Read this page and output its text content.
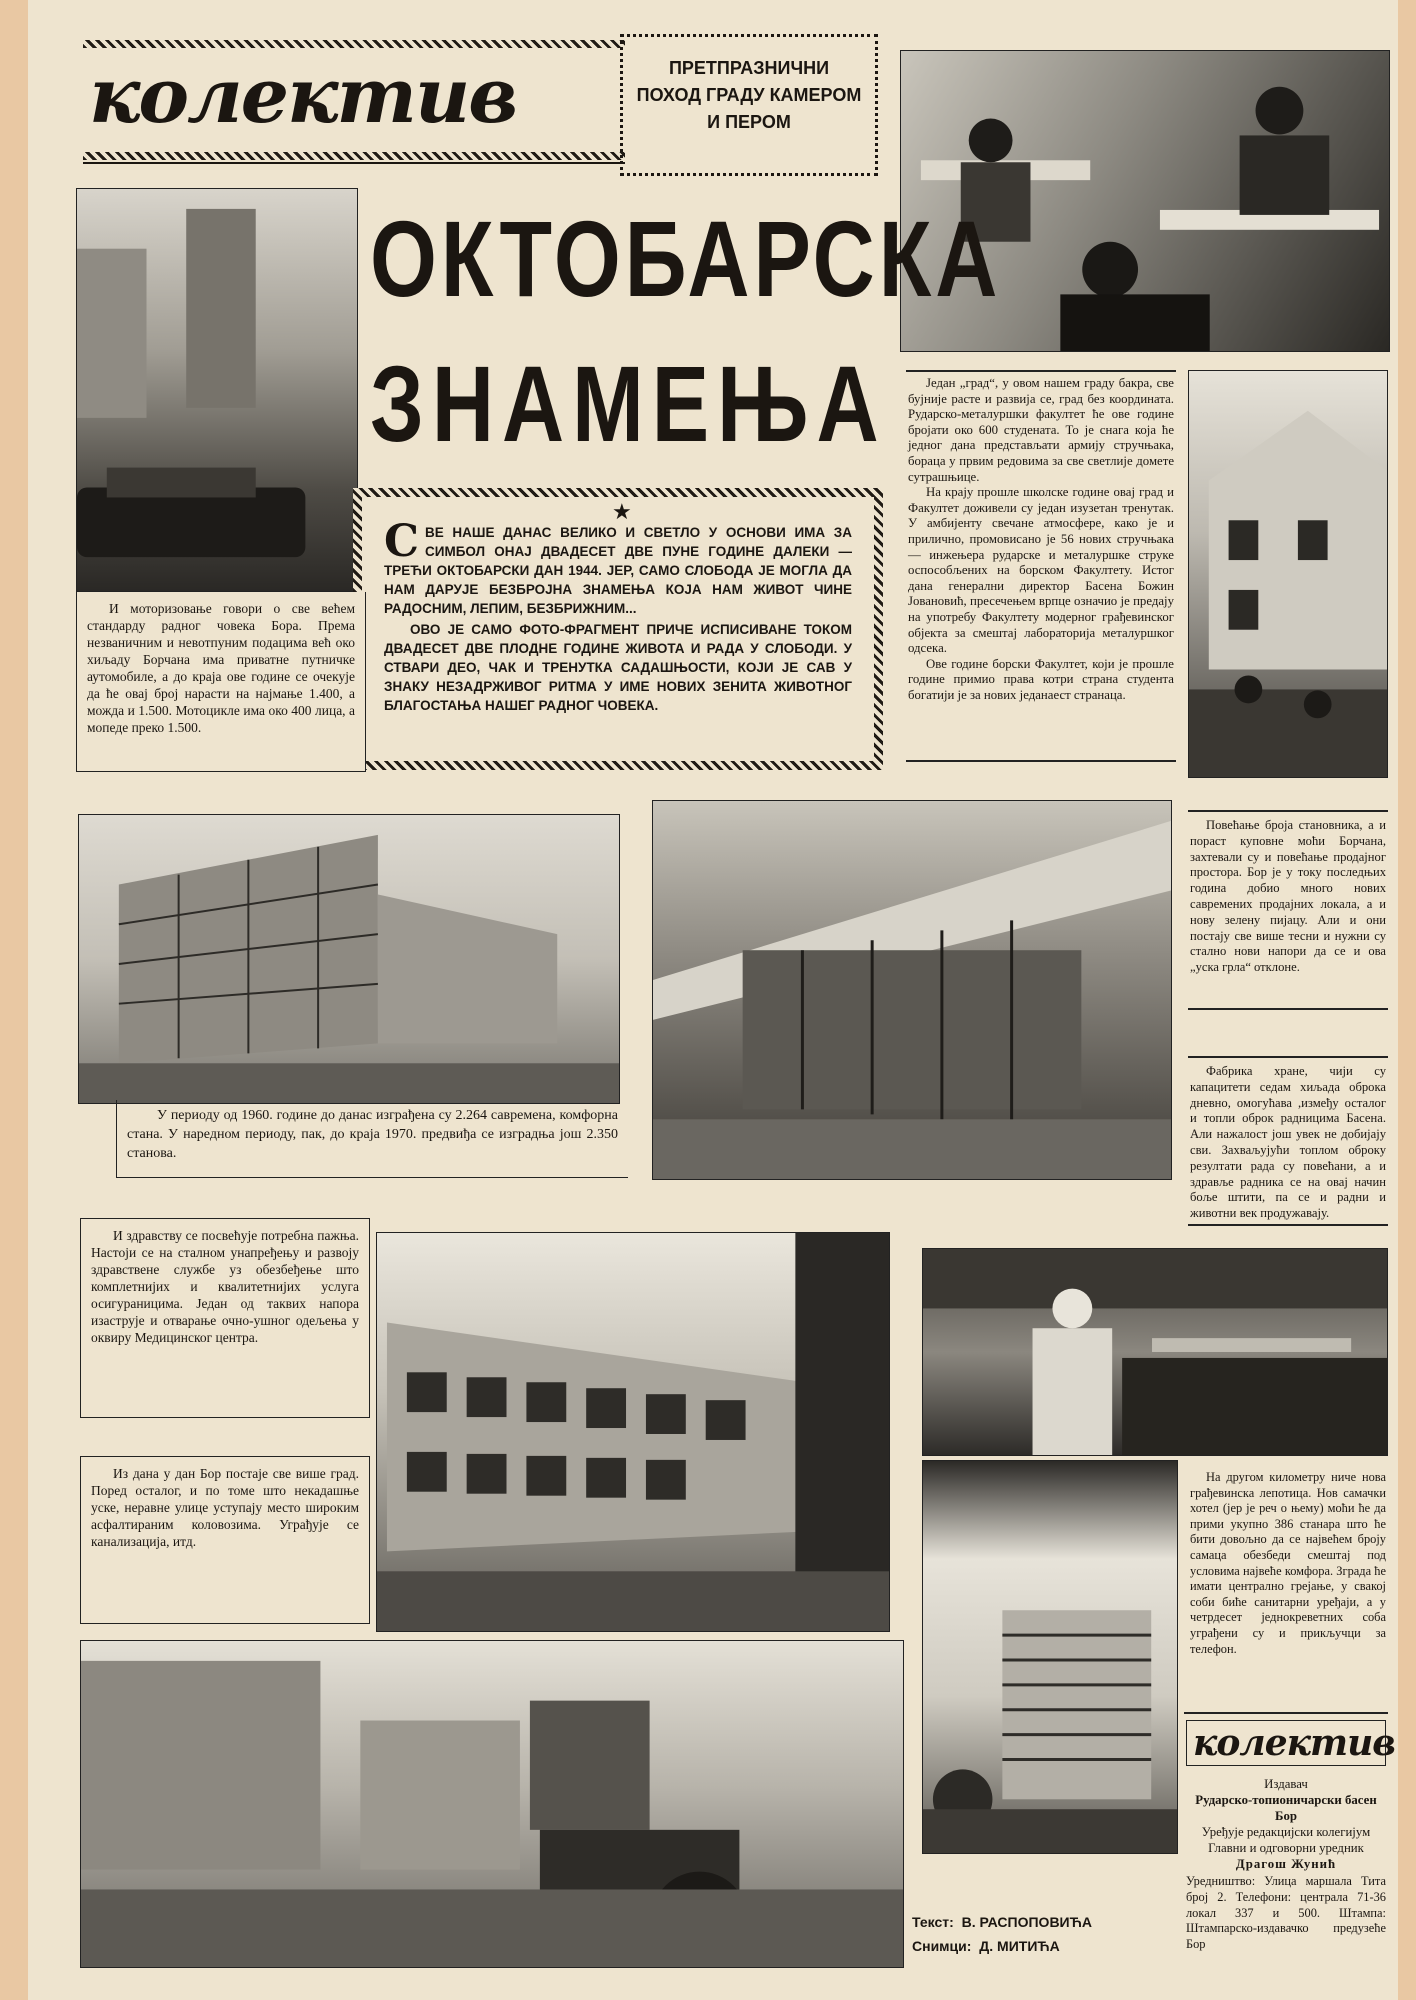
колектив	ПРЕТПРАЗНИЧНИ ПОХОД ГРАДУ КАМЕРОМ И ПЕРОМ
ОКТОБАРСКА
ЗНАМЕЊА
★
С ВЕ НАШЕ ДАНАС ВЕЛИКО И СВЕТЛО У ОСНОВИ ИМА ЗА СИМБОЛ ОНАЈ ДВАДЕСЕТ ДВЕ ПУНЕ ГОДИНЕ ДАЛЕКИ — ТРЕЋИ ОКТОБАРСКИ ДАН 1944. ЈЕР, САМО СЛОБОДА ЈЕ МОГЛА ДА НАМ ДАРУЈЕ БЕЗБРОЈНА ЗНАМЕЊА КОЈА НАМ ЖИВОТ ЧИНЕ РАДОСНИМ, ЛЕПИМ, БЕЗБРИЖНИМ...
ОВО ЈЕ САМО ФОТО-ФРАГМЕНТ ПРИЧЕ ИСПИСИВАНЕ ТОКОМ ДВАДЕСЕТ ДВЕ ПЛОДНЕ ГОДИНЕ ЖИВОТА И РАДА У СЛОБОДИ. У СТВАРИ ДЕО, ЧАК И ТРЕНУТКА САДАШЊОСТИ, КОЈИ ЈЕ САВ У ЗНАКУ НЕЗАДРЖИВОГ РИТМА У ИМЕ НОВИХ ЗЕНИТА ЖИВОТНОГ БЛАГОСТАЊА НАШЕГ РАДНОГ ЧОВЕКА.
И моторизовање говори о све већем стандарду радног човека Бора. Према незваничним и невотпуним подацима већ око хиљаду Борчана има приватне путничке аутомобиле, а до краја ове године се очекује да ће овај број нарасти на најмање 1.400, а можда и 1.500. Мотоцикле има око 400 лица, а мопеде преко 1.500.
Један „град“, у овом нашем граду бакра, све бујније расте и развија се, град без координата. Рударско-металуршки факултет ће ове године бројати око 600 студената. То је снага која ће једног дана представљати армију стручњака, бораца у првим редовима за све светлије домете сутрашњице.
На крају прошле школске године овај град и Факултет доживели су један изузетан тренутак. У амбијенту свечане атмосфере, како је и прилично, промовисано је 56 нових стручњака — инжењера рударске и металуршке струке оспособљених на борском Факултету. Истог дана генерални директор Басена Божин Јовановић, пресечењем врпце означио је предају на употребу Факултету модерног грађевинског објекта за смештај лабораторија металуршког одсека.
Ове године борски Факултет, који је прошле године примио права котри страна студента богатији је за нових једанаест странаца.
У периоду од 1960. године до данас изграђена су 2.264 савремена, комфорна стана. У наредном периоду, пак, до краја 1970. предвиђа се изградња још 2.350 станова.
Повећање броја становника, а и пораст куповне моћи Борчана, захтевали су и повећање продајног простора. Бор је у току последњих година добио много нових савремених продајних локала, а и нову зелену пијацу. Али и они постају све више тесни и нужни су стално нови напори да се и ова „уска грла“ отклоне.
Фабрика хране, чији су капацитети седам хиљада оброка дневно, омогућава ,између осталог и топли оброк радницима Басена. Али нажалост још увек не добијају сви. Захваљујући топлом оброку резултати рада су повећани, а и здравље радника се на овај начин боље штити, па се и радни и животни век продужавају.
И здравству се посвећује потребна пажња. Настоји се на сталном унапређењу и развоју здравствене службе уз обезбеђење што комплетнијих и квалитетнијих услуга осигураницима. Један од таквих напора изаструје и отварање очно-ушног одељења у оквиру Медицинског центра.
Из дана у дан Бор постаје све више град. Поред осталог, и по томе што некадашње уске, неравне улице уступају место широким асфалтираним коловозима. Уграђује се канализација, итд.
На другом километру ниче нова грађевинска лепотица. Нов самачки хотел (јер је реч о њему) моћи ће да прими укупно 386 станара што ће бити довољно да се највећем броју самаца обезбеди смештај под условима највеће комфора. Зграда ће имати централно грејање, у свакој соби биће санитарни уређаји, а у четрдесет једнокреветних соба уграђени су и прикључци за телефон.
Текст: В. РАСПОПОВИЋА
Снимци: Д. МИТИЋА
колектив
Издавач
Рударско-топионичарски басен Бор
Уређује редакцијски колегијум
Главни и одговорни уредник
Драгош Жунић
Уредништво: Улица маршала Тита број 2. Телефони: централа 71-36 локал 337 и 500. Штампа: Штампарско-издавачко предузеће Бор
